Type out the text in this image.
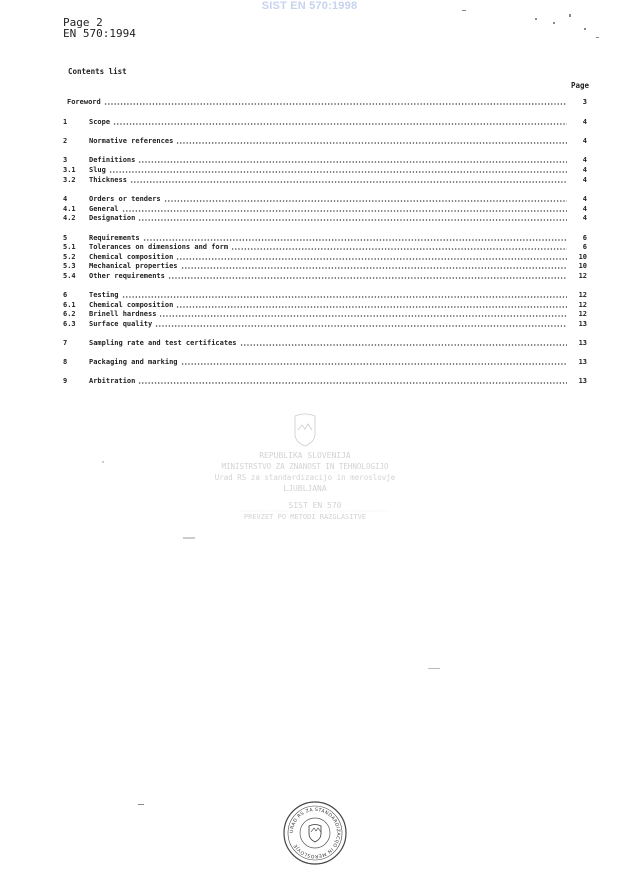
SIST EN 570:1998
Page 2
EN 570:1994
Contents list
Page
Foreword	3
1	Scope	4
2	Normative references	4
3	Definitions	4
3.1	Slug	4
3.2	Thickness	4
4	Orders or tenders	4
4.1	General	4
4.2	Designation	4
5	Requirements	6
5.1	Tolerances on dimensions and form	6
5.2	Chemical composition	10
5.3	Mechanical properties	10
5.4	Other requirements	12
6	Testing	12
6.1	Chemical composition	12
6.2	Brinell hardness	12
6.3	Surface quality	13
7	Sampling rate and test certificates	13
8	Packaging and marking	13
9	Arbitration	13
REPUBLIKA SLOVENIJA
MINISTRSTVO ZA ZNANOST IN TEHNOLOGIJO
Urad RS za standardizacijo in meroslovje
LJUBLJANA
SIST EN 570
PREVZET PO METODI RAZGLASITVE
URAD RS ZA STANDARDIZACIJO IN MEROSLOVJE
